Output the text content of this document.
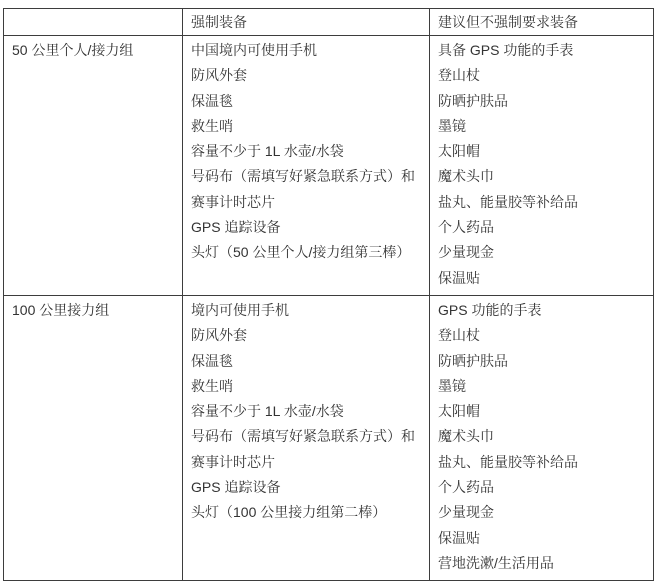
	强制装备	建议但不强制要求装备

50 公里个人/接力组	中国境内可使用手机
防风外套
保温毯
救生哨
容量不少于 1L 水壶/水袋
号码布（需填写好紧急联系方式）和
赛事计时芯片
GPS 追踪设备
头灯（50 公里个人/接力组第三棒）

具备 GPS 功能的手表
登山杖
防晒护肤品
墨镜
太阳帽
魔术头巾
盐丸、能量胶等补给品
个人药品
少量现金
保温贴

100 公里接力组	境内可使用手机
防风外套
保温毯
救生哨
容量不少于 1L 水壶/水袋
号码布（需填写好紧急联系方式）和
赛事计时芯片
GPS 追踪设备
头灯（100 公里接力组第二棒）

GPS 功能的手表
登山杖
防晒护肤品
墨镜
太阳帽
魔术头巾
盐丸、能量胶等补给品
个人药品
少量现金
保温贴
营地洗漱/生活用品
